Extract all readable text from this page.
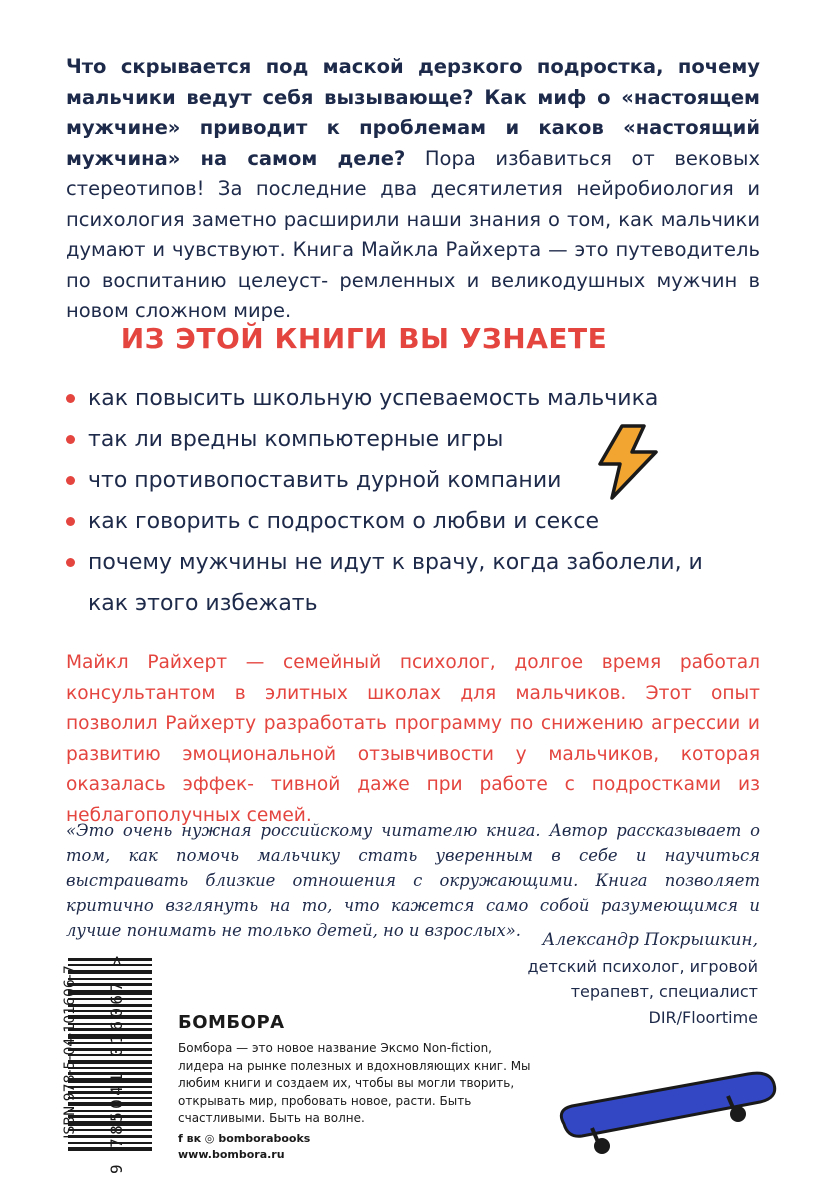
Что скрывается под маской дерзкого подростка, почему мальчики ведут себя вызывающе? Как миф о «настоящем мужчине» приводит к проблемам и каков «настоящий мужчина» на самом деле? Пора избавиться от вековых стереотипов! За последние два десятилетия нейробиология и психология заметно расширили наши знания о том, как мальчики думают и чувствуют. Книга Майкла Райхерта — это путеводитель по воспитанию целеуст- ремленных и великодушных мужчин в новом сложном мире.

ИЗ ЭТОЙ КНИГИ ВЫ УЗНАЕТЕ
как повысить школьную успеваемость мальчика
так ли вредны компьютерные игры
что противопоставить дурной компании
как говорить с подростком о любви и сексе
почему мужчины не идут к врачу, когда заболели, и как этого избежать

Майкл Райхерт — семейный психолог, долгое время работал консультантом в элитных школах для мальчиков. Этот опыт позволил Райхерту разработать программу по снижению агрессии и развитию эмоциональной отзывчивости у мальчиков, которая оказалась эффек- тивной даже при работе с подростками из неблагополучных семей.

«Это очень нужная российскому читателю книга. Автор рассказывает о том, как помочь мальчику стать уверенным в себе и научиться выстраивать близкие отношения с окружающими. Книга позволяет критично взглянуть на то, что кажется само собой разумеющимся и лучше понимать не только детей, но и взрослых».	Александр Покрышкин,
детский психолог, игровой терапевт, специалист DIR/Floortime
ISBN 978-5-04-101606-7 9 785041 016067 >	БОМБОРА

Бомбора — это новое название Эксмо Non-fiction, лидера на рынке полезных и вдохновляющих книг. Мы любим книги и создаем их, чтобы вы могли творить, открывать мир, пробовать новое, расти. Быть счастливыми. Быть на волне.

f ʙᴋ ◎ bomborabooks
www.bombora.ru
